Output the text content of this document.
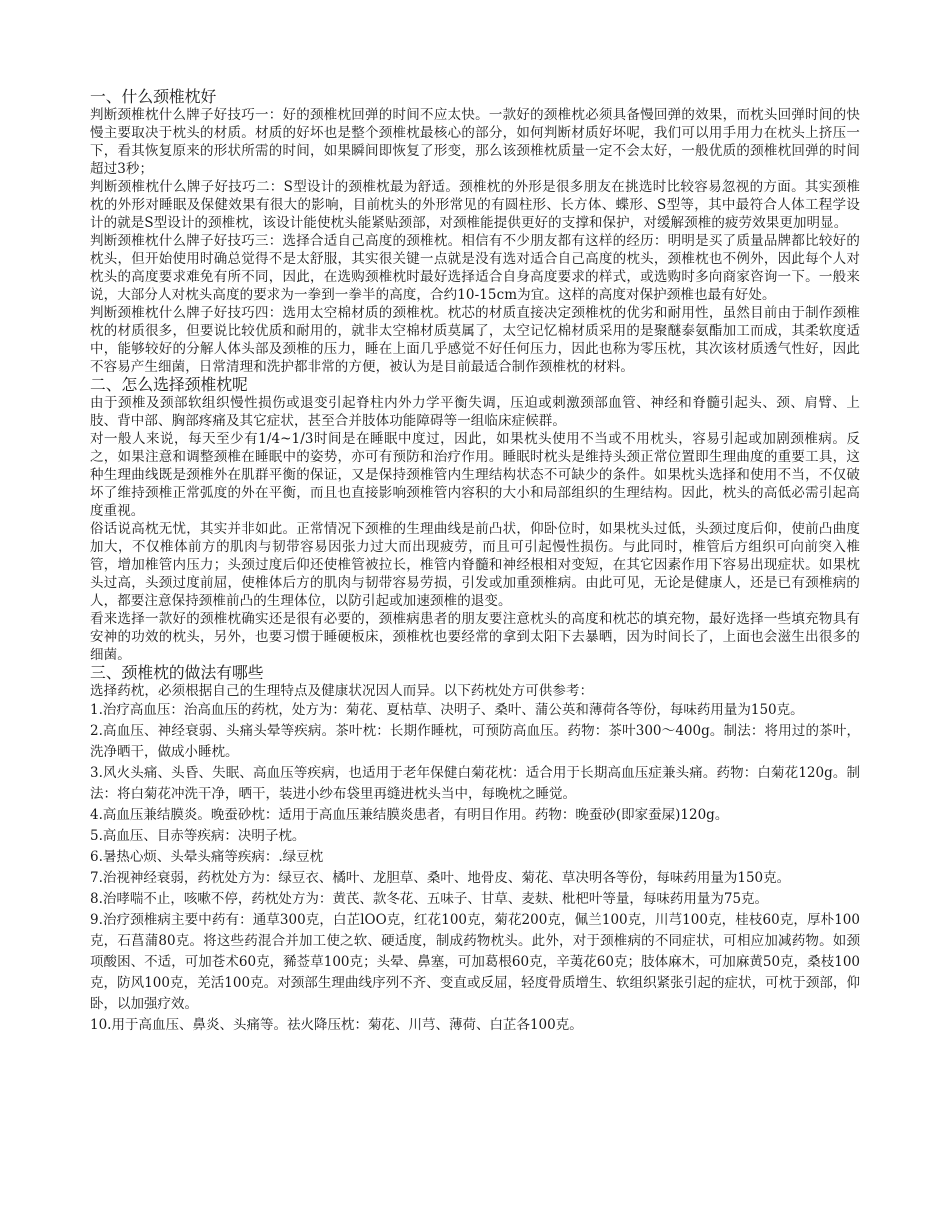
一、什么颈椎枕好

判断颈椎枕什么牌子好技巧一：好的颈椎枕回弹的时间不应太快。一款好的颈椎枕必须具备慢回弹的效果，而枕头回弹时间的快慢主要取决于枕头的材质。材质的好坏也是整个颈椎枕最核心的部分，如何判断材质好坏呢，我们可以用手用力在枕头上挤压一下，看其恢复原来的形状所需的时间，如果瞬间即恢复了形变，那么该颈椎枕质量一定不会太好，一般优质的颈椎枕回弹的时间超过3秒；

判断颈椎枕什么牌子好技巧二：S型设计的颈椎枕最为舒适。颈椎枕的外形是很多朋友在挑选时比较容易忽视的方面。其实颈椎枕的外形对睡眠及保健效果有很大的影响，目前枕头的外形常见的有圆柱形、长方体、蝶形、S型等，其中最符合人体工程学设计的就是S型设计的颈椎枕，该设计能使枕头能紧贴颈部，对颈椎能提供更好的支撑和保护，对缓解颈椎的疲劳效果更加明显。

判断颈椎枕什么牌子好技巧三：选择合适自己高度的颈椎枕。相信有不少朋友都有这样的经历：明明是买了质量品牌都比较好的枕头，但开始使用时确总觉得不是太舒服，其实很关键一点就是没有选对适合自己高度的枕头，颈椎枕也不例外，因此每个人对枕头的高度要求难免有所不同，因此，在选购颈椎枕时最好选择适合自身高度要求的样式，或选购时多向商家咨询一下。一般来说，大部分人对枕头高度的要求为一拳到一拳半的高度，合约10-15cm为宜。这样的高度对保护颈椎也最有好处。

判断颈椎枕什么牌子好技巧四：选用太空棉材质的颈椎枕。枕芯的材质直接决定颈椎枕的优劣和耐用性，虽然目前由于制作颈椎枕的材质很多，但要说比较优质和耐用的，就非太空棉材质莫属了，太空记忆棉材质采用的是聚醚泰氨酯加工而成，其柔软度适中，能够较好的分解人体头部及颈椎的压力，睡在上面几乎感觉不好任何压力，因此也称为零压枕，其次该材质透气性好，因此不容易产生细菌，日常清理和洗护都非常的方便，被认为是目前最适合制作颈椎枕的材料。

二、怎么选择颈椎枕呢

由于颈椎及颈部软组织慢性损伤或退变引起脊柱内外力学平衡失调，压迫或刺激颈部血管、神经和脊髓引起头、颈、肩臂、上肢、背中部、胸部疼痛及其它症状，甚至合并肢体功能障碍等一组临床症候群。

对一般人来说，每天至少有1/4~1/3时间是在睡眠中度过，因此，如果枕头使用不当或不用枕头，容易引起或加剧颈椎病。反之，如果注意和调整颈椎在睡眠中的姿势，亦可有预防和治疗作用。睡眠时枕头是维持头颈正常位置即生理曲度的重要工具，这种生理曲线既是颈椎外在肌群平衡的保证，又是保持颈椎管内生理结构状态不可缺少的条件。如果枕头选择和使用不当，不仅破坏了维持颈椎正常弧度的外在平衡，而且也直接影响颈椎管内容积的大小和局部组织的生理结构。因此，枕头的高低必需引起高度重视。

俗话说高枕无忧，其实并非如此。正常情况下颈椎的生理曲线是前凸状，仰卧位时，如果枕头过低，头颈过度后仰，使前凸曲度加大，不仅椎体前方的肌肉与韧带容易因张力过大而出现疲劳，而且可引起慢性损伤。与此同时，椎管后方组织可向前突入椎管，增加椎管内压力；头颈过度后仰还使椎管被拉长，椎管内脊髓和神经根相对变短，在其它因素作用下容易出现症状。如果枕头过高，头颈过度前屈，使椎体后方的肌肉与韧带容易劳损，引发或加重颈椎病。由此可见，无论是健康人，还是已有颈椎病的人，都要注意保持颈椎前凸的生理体位，以防引起或加速颈椎的退变。

看来选择一款好的颈椎枕确实还是很有必要的，颈椎病患者的朋友要注意枕头的高度和枕芯的填充物，最好选择一些填充物具有安神的功效的枕头，另外，也要习惯于睡硬板床，颈椎枕也要经常的拿到太阳下去暴晒，因为时间长了，上面也会滋生出很多的细菌。

三、颈椎枕的做法有哪些

选择药枕，必须根据自己的生理特点及健康状况因人而异。以下药枕处方可供参考：

1.治疗高血压：治高血压的药枕，处方为：菊花、夏枯草、决明子、桑叶、蒲公英和薄荷各等份，每味药用量为150克。

2.高血压、神经衰弱、头痛头晕等疾病。茶叶枕：长期作睡枕，可预防高血压。药物：茶叶300～400g。制法：将用过的茶叶，洗净晒干，做成小睡枕。

3.风火头痛、头昏、失眠、高血压等疾病，也适用于老年保健白菊花枕：适合用于长期高血压症兼头痛。药物：白菊花120g。制法：将白菊花冲洗干净，晒干，装进小纱布袋里再缝进枕头当中，每晚枕之睡觉。

4.高血压兼结膜炎。晚蚕砂枕：适用于高血压兼结膜炎患者，有明目作用。药物：晚蚕砂(即家蚕屎)120g。

5.高血压、目赤等疾病：决明子枕。

6.暑热心烦、头晕头痛等疾病：.绿豆枕

7.治视神经衰弱，药枕处方为：绿豆衣、橘叶、龙胆草、桑叶、地骨皮、菊花、草决明各等份，每味药用量为150克。

8.治哮喘不止，咳嗽不停，药枕处方为：黄芪、款冬花、五味子、甘草、麦麸、枇杷叶等量，每味药用量为75克。

9.治疗颈椎病主要中药有：通草300克，白芷lOO克，红花100克，菊花200克，佩兰100克，川芎100克，桂枝60克，厚朴100克，石菖蒲80克。将这些药混合并加工使之软、硬适度，制成药物枕头。此外，对于颈椎病的不同症状，可相应加减药物。如颈项酸困、不适，可加苍术60克，豨莶草100克；头晕、鼻塞，可加葛根60克，辛荑花60克；肢体麻木，可加麻黄50克，桑枝100克，防风100克，羌活100克。对颈部生理曲线序列不齐、变直或反屈，轻度骨质增生、软组织紧张引起的症状，可枕于颈部，仰卧，以加强疗效。

10.用于高血压、鼻炎、头痛等。祛火降压枕：菊花、川芎、薄荷、白芷各100克。
